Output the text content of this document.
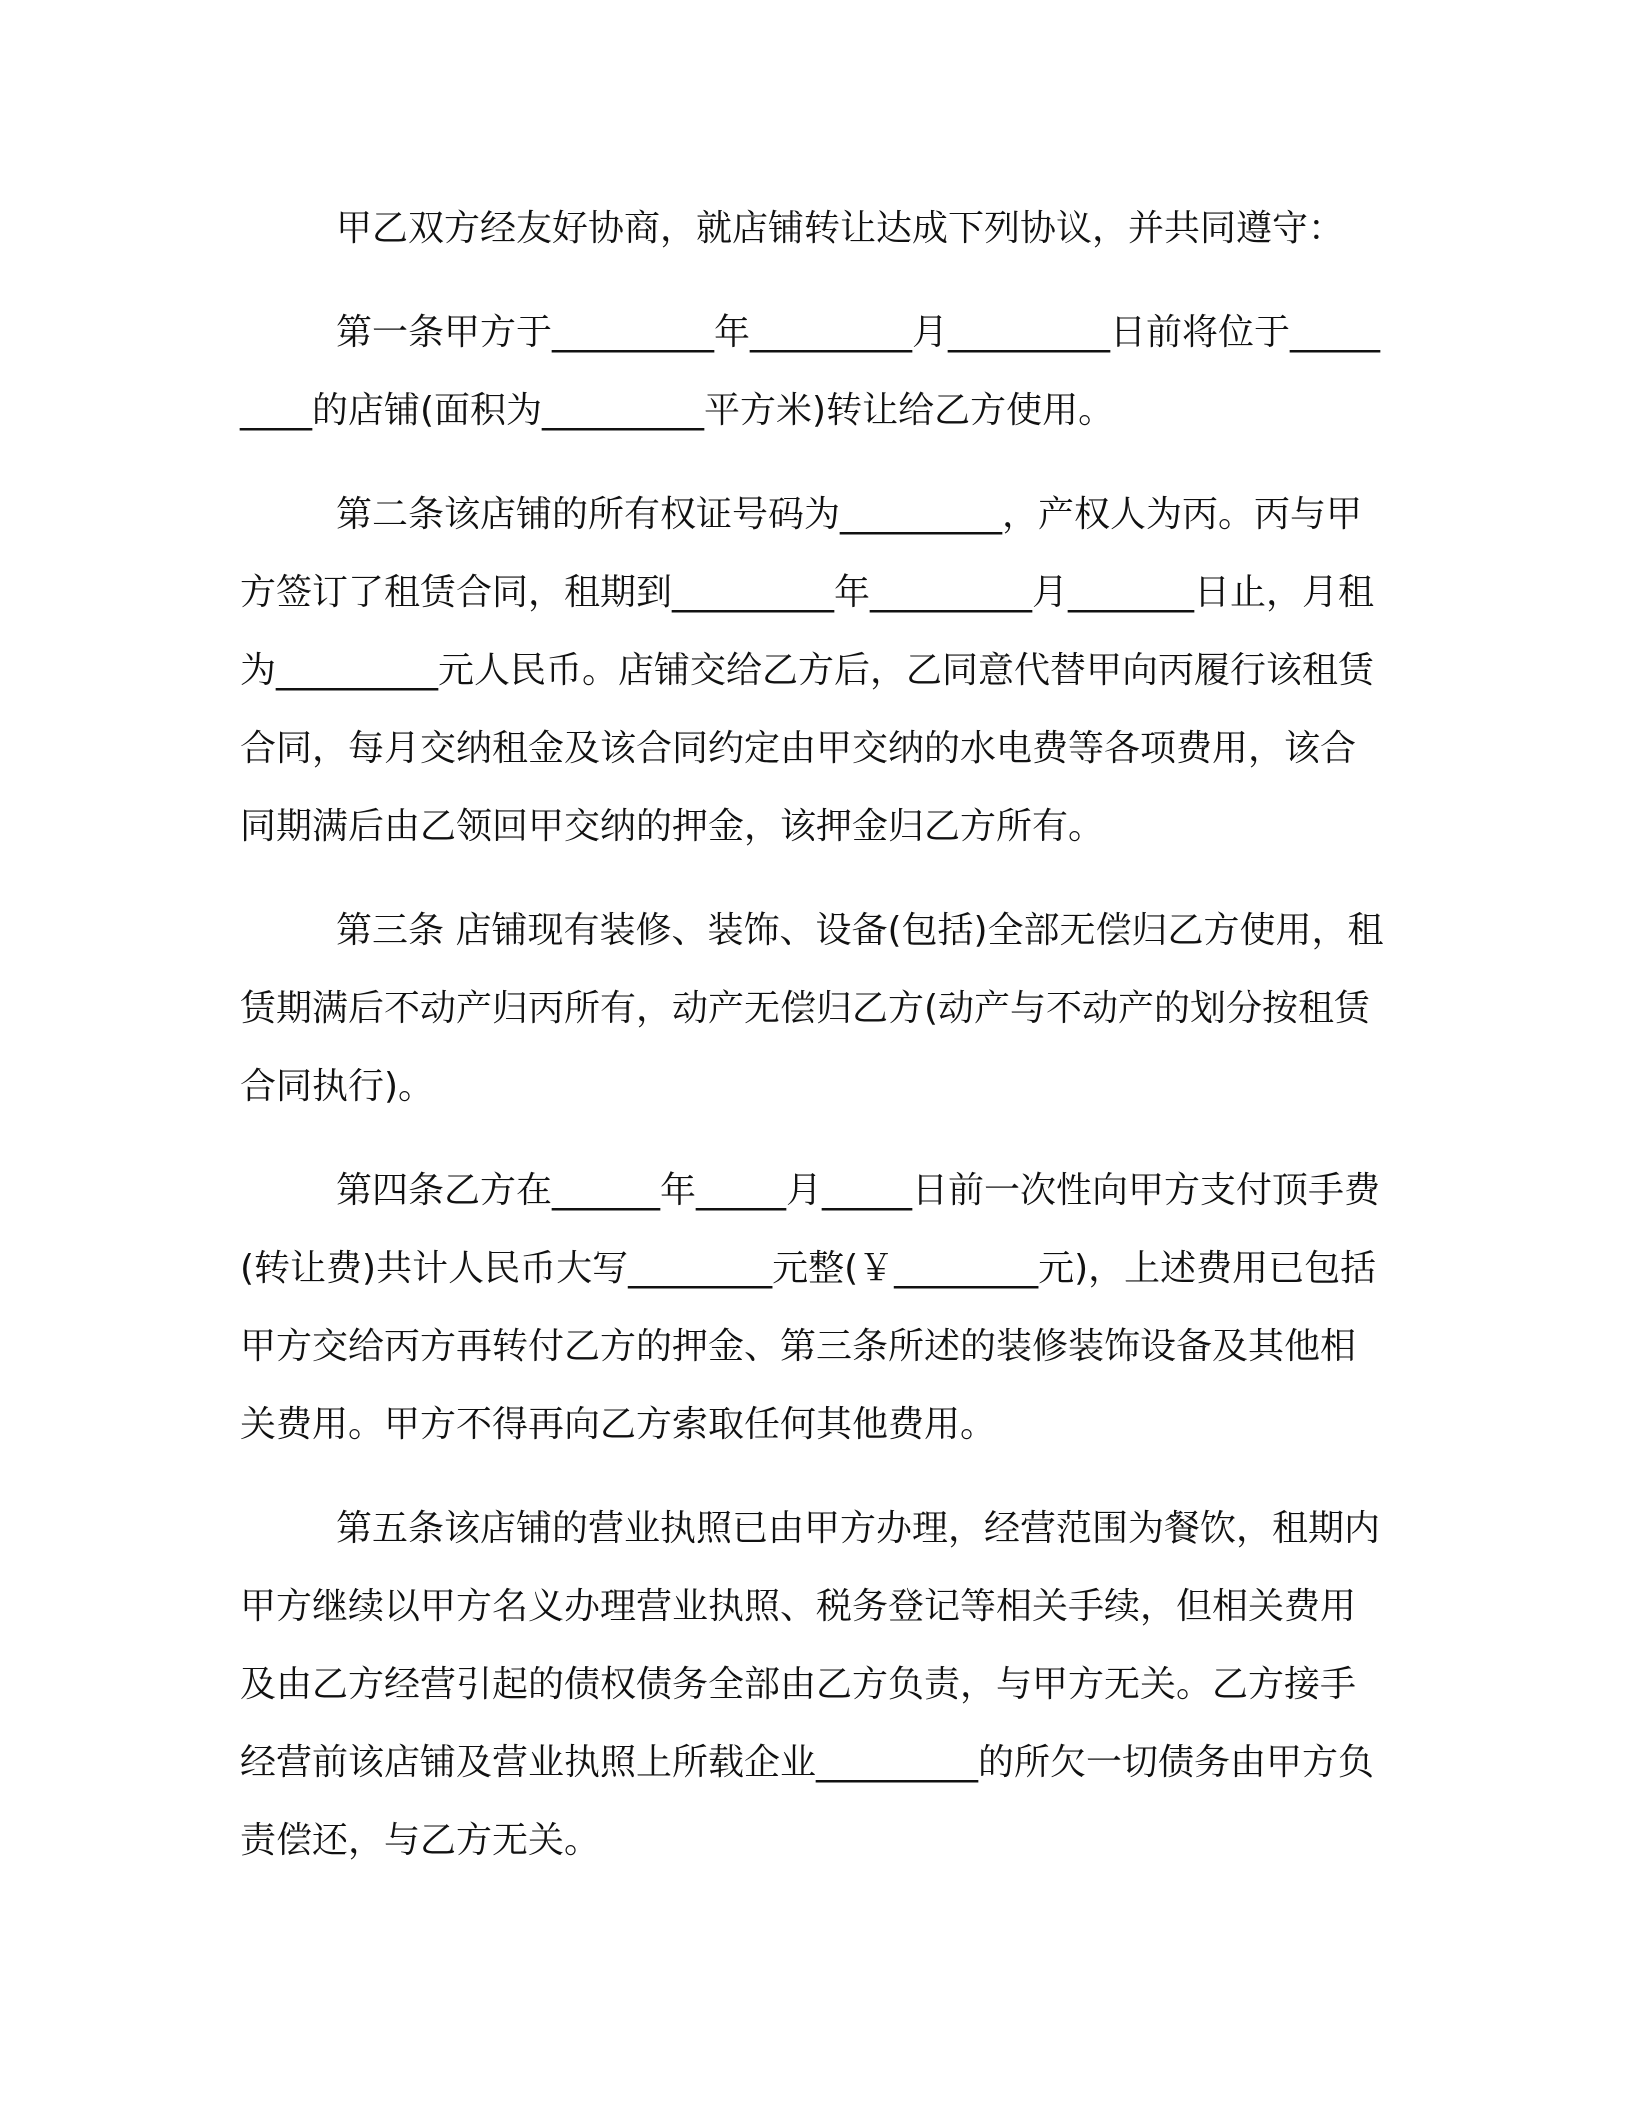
甲乙双方经友好协商，就店铺转让达成下列协议，并共同遵守：

第一条甲方于_________年_________月_________日前将位于_________的店铺(面积为_________平方米)转让给乙方使用。

第二条该店铺的所有权证号码为_________，产权人为丙。丙与甲方签订了租赁合同，租期到_________年_________月_______日止，月租为_________元人民币。店铺交给乙方后，乙同意代替甲向丙履行该租赁合同，每月交纳租金及该合同约定由甲交纳的水电费等各项费用，该合同期满后由乙领回甲交纳的押金，该押金归乙方所有。

第三条 店铺现有装修、装饰、设备(包括)全部无偿归乙方使用，租赁期满后不动产归丙所有，动产无偿归乙方(动产与不动产的划分按租赁合同执行)。

第四条乙方在______年_____月_____日前一次性向甲方支付顶手费(转让费)共计人民币大写________元整(￥________元)，上述费用已包括甲方交给丙方再转付乙方的押金、第三条所述的装修装饰设备及其他相关费用。甲方不得再向乙方索取任何其他费用。

第五条该店铺的营业执照已由甲方办理，经营范围为餐饮，租期内甲方继续以甲方名义办理营业执照、税务登记等相关手续，但相关费用及由乙方经营引起的债权债务全部由乙方负责，与甲方无关。乙方接手经营前该店铺及营业执照上所载企业_________的所欠一切债务由甲方负责偿还，与乙方无关。
